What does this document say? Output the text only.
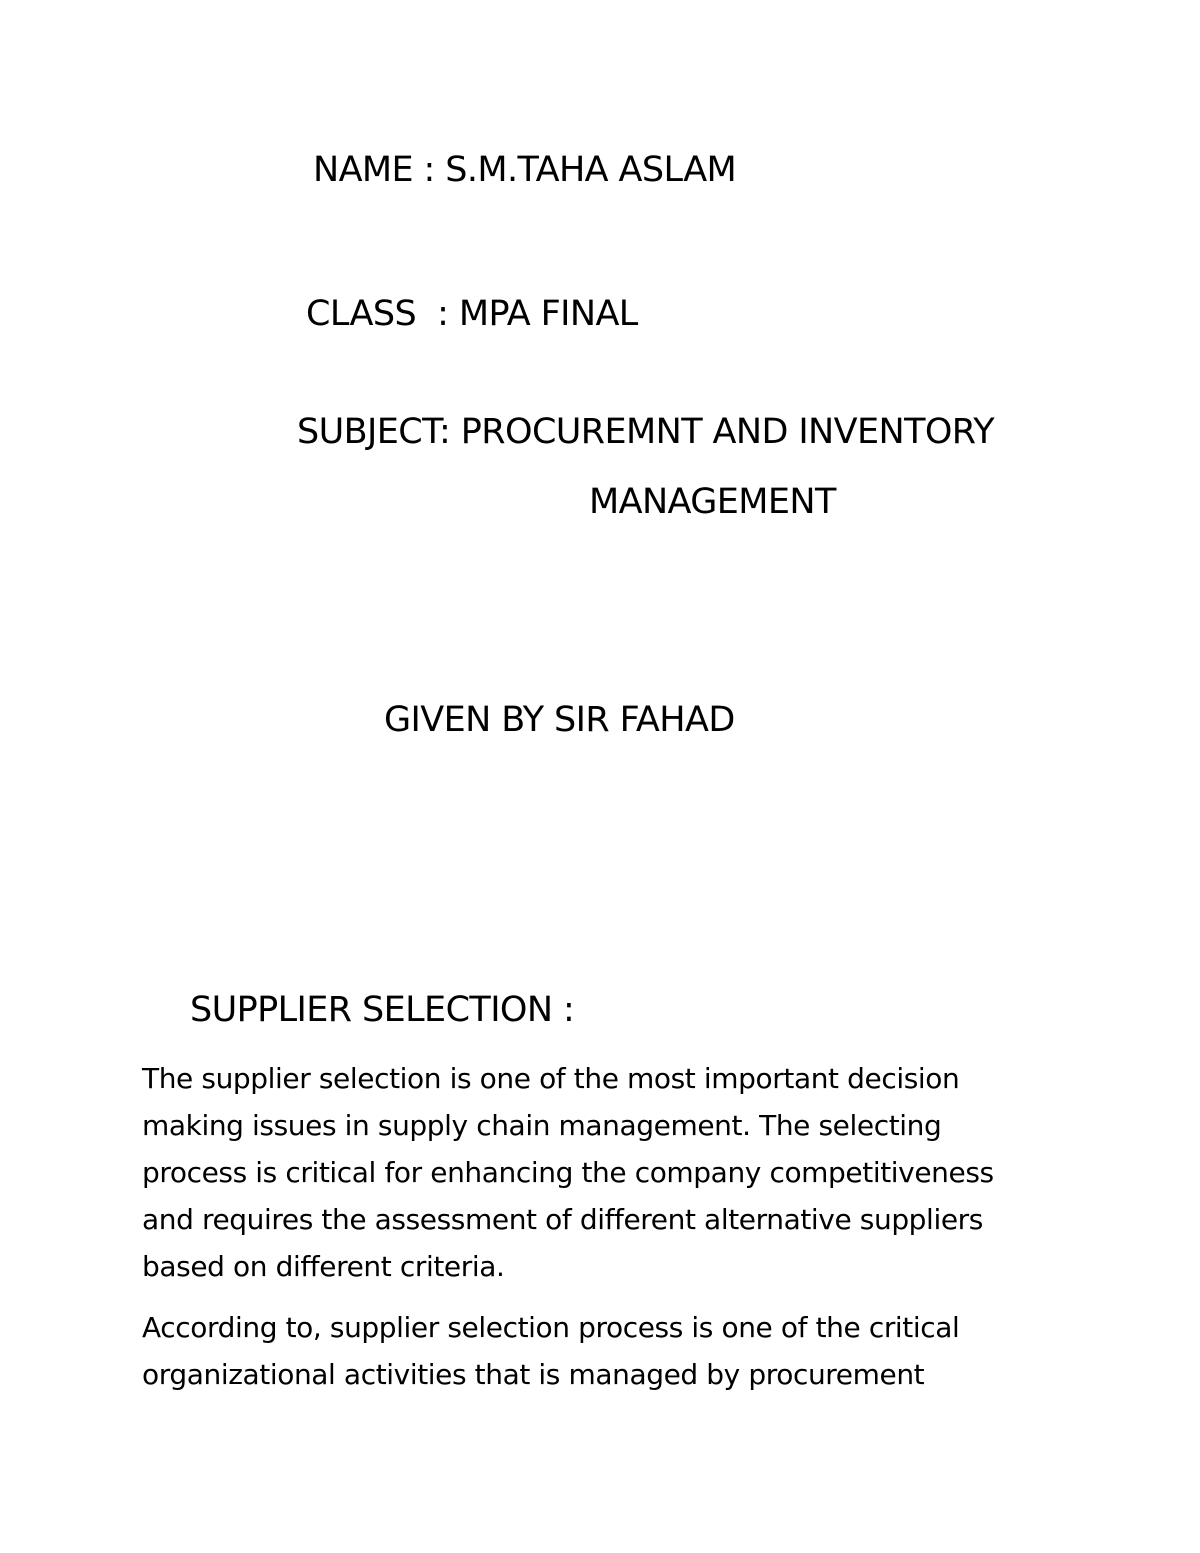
NAME : S.M.TAHA ASLAM
CLASS  : MPA FINAL
SUBJECT: PROCUREMNT AND INVENTORY
MANAGEMENT
GIVEN BY SIR FAHAD
SUPPLIER SELECTION :
The supplier selection is one of the most important decision
making issues in supply chain management. The selecting
process is critical for enhancing the company competitiveness
and requires the assessment of different alternative suppliers
based on different criteria.
According to, supplier selection process is one of the critical
organizational activities that is managed by procurement
